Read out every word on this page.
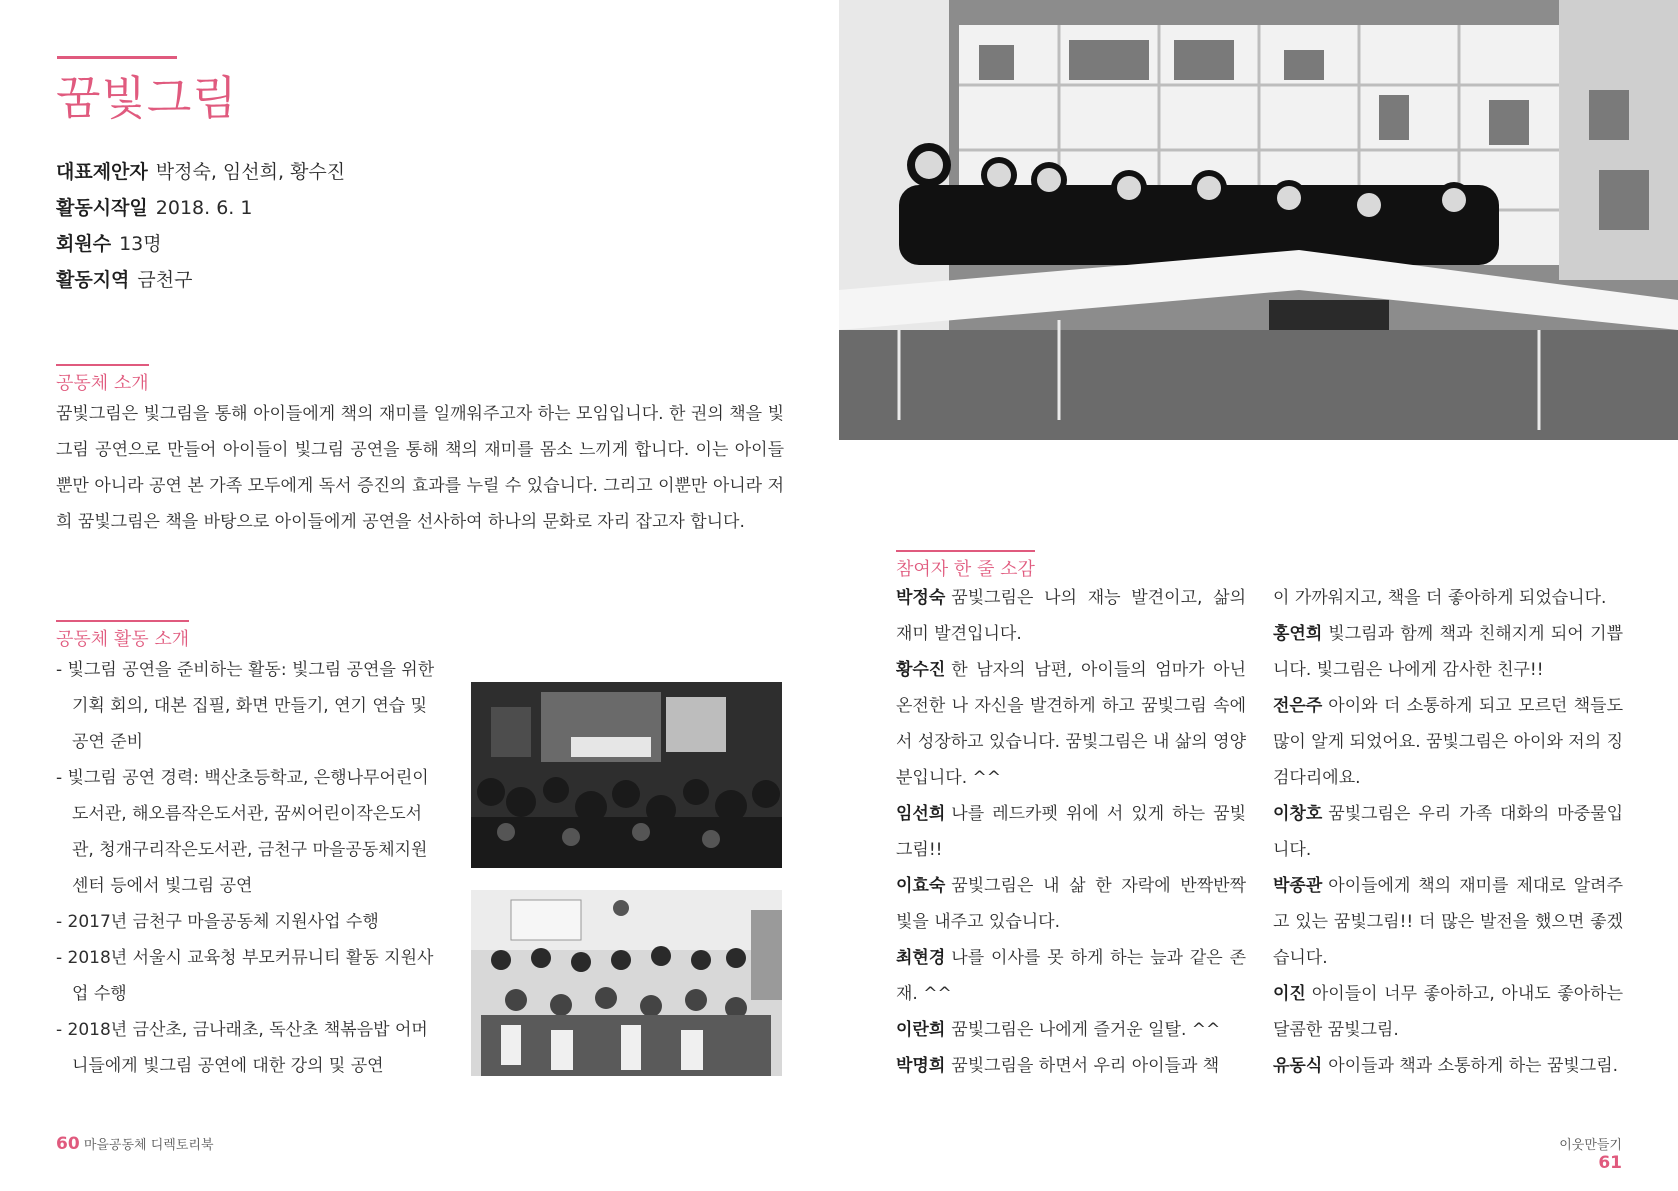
꿈빛그림
대표제안자 박정숙, 임선희, 황수진
활동시작일 2018. 6. 1
회원수 13명
활동지역 금천구
공동체 소개
꿈빛그림은 빛그림을 통해 아이들에게 책의 재미를 일깨워주고자 하는 모임입니다. 한 권의 책을 빛그림 공연으로 만들어 아이들이 빛그림 공연을 통해 책의 재미를 몸소 느끼게 합니다. 이는 아이들뿐만 아니라 공연 본 가족 모두에게 독서 증진의 효과를 누릴 수 있습니다. 그리고 이뿐만 아니라 저희 꿈빛그림은 책을 바탕으로 아이들에게 공연을 선사하여 하나의 문화로 자리 잡고자 합니다.
공동체 활동 소개
- 빛그림 공연을 준비하는 활동: 빛그림 공연을 위한 기획 회의, 대본 집필, 화면 만들기, 연기 연습 및 공연 준비
- 빛그림 공연 경력: 백산초등학교, 은행나무어린이도서관, 해오름작은도서관, 꿈씨어린이작은도서관, 청개구리작은도서관, 금천구 마을공동체지원센터 등에서 빛그림 공연
- 2017년 금천구 마을공동체 지원사업 수행
- 2018년 서울시 교육청 부모커뮤니티 활동 지원사업 수행
- 2018년 금산초, 금나래초, 독산초 책볶음밥 어머니들에게 빛그림 공연에 대한 강의 및 공연
60 마을공동체 디렉토리북
참여자 한 줄 소감

박정숙 꿈빛그림은 나의 재능 발견이고, 삶의 재미 발견입니다.

황수진 한 남자의 남편, 아이들의 엄마가 아닌 온전한 나 자신을 발견하게 하고 꿈빛그림 속에서 성장하고 있습니다. 꿈빛그림은 내 삶의 영양분입니다. ^^

임선희 나를 레드카펫 위에 서 있게 하는 꿈빛그림!!

이효숙 꿈빛그림은 내 삶 한 자락에 반짝반짝 빛을 내주고 있습니다.

최현경 나를 이사를 못 하게 하는 늪과 같은 존재. ^^

이란희 꿈빛그림은 나에게 즐거운 일탈. ^^

박명희 꿈빛그림을 하면서 우리 아이들과 책

이 가까워지고, 책을 더 좋아하게 되었습니다.

홍연희 빛그림과 함께 책과 친해지게 되어 기쁩니다. 빛그림은 나에게 감사한 친구!!

전은주 아이와 더 소통하게 되고 모르던 책들도 많이 알게 되었어요. 꿈빛그림은 아이와 저의 징검다리에요.

이창호 꿈빛그림은 우리 가족 대화의 마중물입니다.

박종관 아이들에게 책의 재미를 제대로 알려주고 있는 꿈빛그림!! 더 많은 발전을 했으면 좋겠습니다.

이진 아이들이 너무 좋아하고, 아내도 좋아하는 달콤한 꿈빛그림.

유동식 아이들과 책과 소통하게 하는 꿈빛그림.

이웃만들기 61
